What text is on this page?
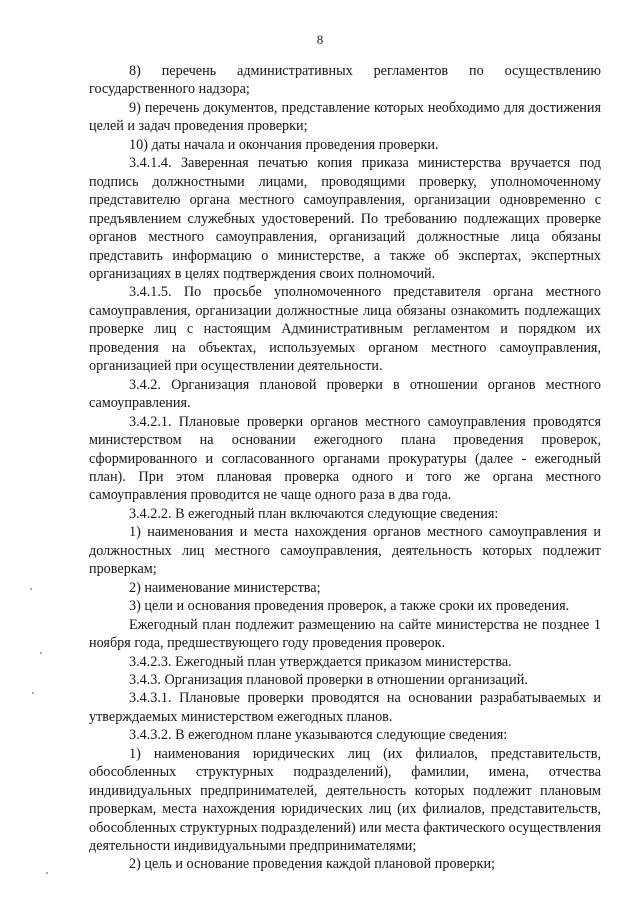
8

8) перечень административных регламентов по осуществлению государственного надзора;

9) перечень документов, представление которых необходимо для достижения целей и задач проведения проверки;

10) даты начала и окончания проведения проверки.

3.4.1.4. Заверенная печатью копия приказа министерства вручается под подпись должностными лицами, проводящими проверку, уполномоченному представителю органа местного самоуправления, организации одновременно с предъявлением служебных удостоверений. По требованию подлежащих проверке органов местного самоуправления, организаций должностные лица обязаны представить информацию о министерстве, а также об экспертах, экспертных организациях в целях подтверждения своих полномочий.

3.4.1.5. По просьбе уполномоченного представителя органа местного самоуправления, организации должностные лица обязаны ознакомить подлежащих проверке лиц с настоящим Административным регламентом и порядком их проведения на объектах, используемых органом местного самоуправления, организацией при осуществлении деятельности.

3.4.2. Организация плановой проверки в отношении органов местного самоуправления.

3.4.2.1. Плановые проверки органов местного самоуправления проводятся министерством на основании ежегодного плана проведения проверок, сформированного и согласованного органами прокуратуры (далее - ежегодный план). При этом плановая проверка одного и того же органа местного самоуправления проводится не чаще одного раза в два года.

3.4.2.2. В ежегодный план включаются следующие сведения:

1) наименования и места нахождения органов местного самоуправления и должностных лиц местного самоуправления, деятельность которых подлежит проверкам;

2) наименование министерства;

3) цели и основания проведения проверок, а также сроки их проведения.

Ежегодный план подлежит размещению на сайте министерства не позднее 1 ноября года, предшествующего году проведения проверок.

3.4.2.3. Ежегодный план утверждается приказом министерства.

3.4.3. Организация плановой проверки в отношении организаций.

3.4.3.1. Плановые проверки проводятся на основании разрабатываемых и утверждаемых министерством ежегодных планов.

3.4.3.2. В ежегодном плане указываются следующие сведения:

1) наименования юридических лиц (их филиалов, представительств, обособленных структурных подразделений), фамилии, имена, отчества индивидуальных предпринимателей, деятельность которых подлежит плановым проверкам, места нахождения юридических лиц (их филиалов, представительств, обособленных структурных подразделений) или места фактического осуществления деятельности индивидуальными предпринимателями;

2) цель и основание проведения каждой плановой проверки;
